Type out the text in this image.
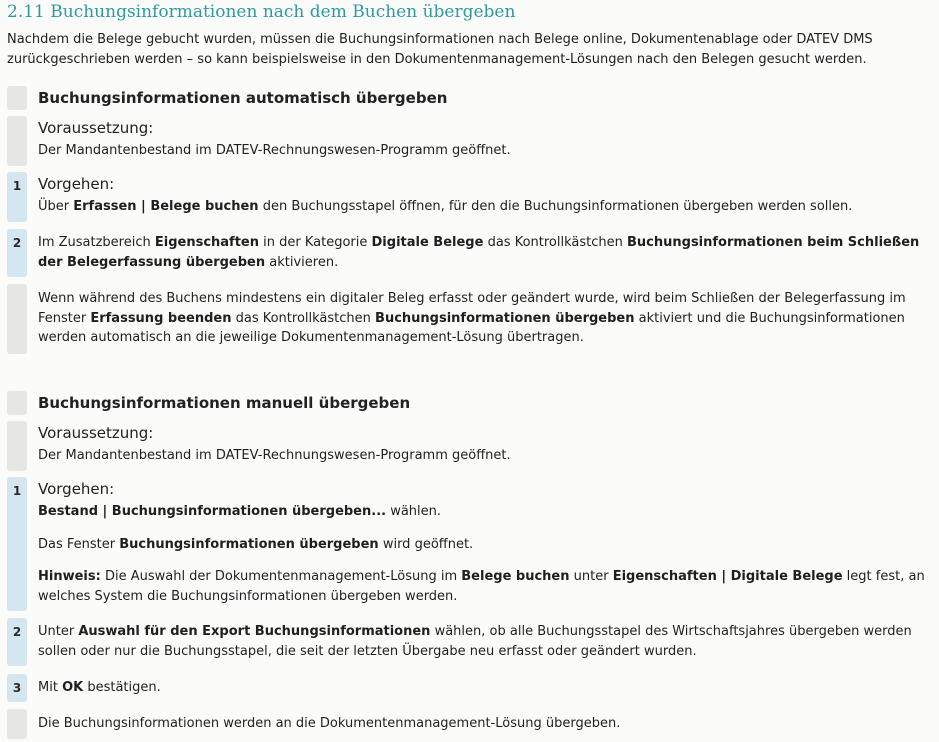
2.11 Buchungsinformationen nach dem Buchen übergeben
Nachdem die Belege gebucht wurden, müssen die Buchungsinformationen nach Belege online, Dokumentenablage oder DATEV DMS zurückgeschrieben werden – so kann beispielsweise in den Dokumentenmanagement-Lösungen nach den Belegen gesucht werden.
Buchungsinformationen automatisch übergeben
Voraussetzung:

Der Mandantenbestand im DATEV-Rechnungswesen-Programm geöffnet.

1	Vorgehen:

Über Erfassen | Belege buchen den Buchungsstapel öffnen, für den die Buchungsinformationen übergeben werden sollen.

2	Im Zusatzbereich Eigenschaften in der Kategorie Digitale Belege das Kontrollkästchen Buchungsinformationen beim Schließen der Belegerfassung übergeben aktivieren.

Wenn während des Buchens mindestens ein digitaler Beleg erfasst oder geändert wurde, wird beim Schließen der Belegerfassung im Fenster Erfassung beenden das Kontrollkästchen Buchungsinformationen übergeben aktiviert und die Buchungsinformationen werden automatisch an die jeweilige Dokumentenmanagement-Lösung übertragen.

Buchungsinformationen manuell übergeben
Voraussetzung:

Der Mandantenbestand im DATEV-Rechnungswesen-Programm geöffnet.

1	Vorgehen:

Bestand | Buchungsinformationen übergeben... wählen.

Das Fenster Buchungsinformationen übergeben wird geöffnet.

Hinweis: Die Auswahl der Dokumentenmanagement-Lösung im Belege buchen unter Eigenschaften | Digitale Belege legt fest, an welches System die Buchungsinformationen übergeben werden.

2	Unter Auswahl für den Export Buchungsinformationen wählen, ob alle Buchungsstapel des Wirtschaftsjahres übergeben werden sollen oder nur die Buchungsstapel, die seit der letzten Übergabe neu erfasst oder geändert wurden.

3	Mit OK bestätigen.

Die Buchungsinformationen werden an die Dokumentenmanagement-Lösung übergeben.
